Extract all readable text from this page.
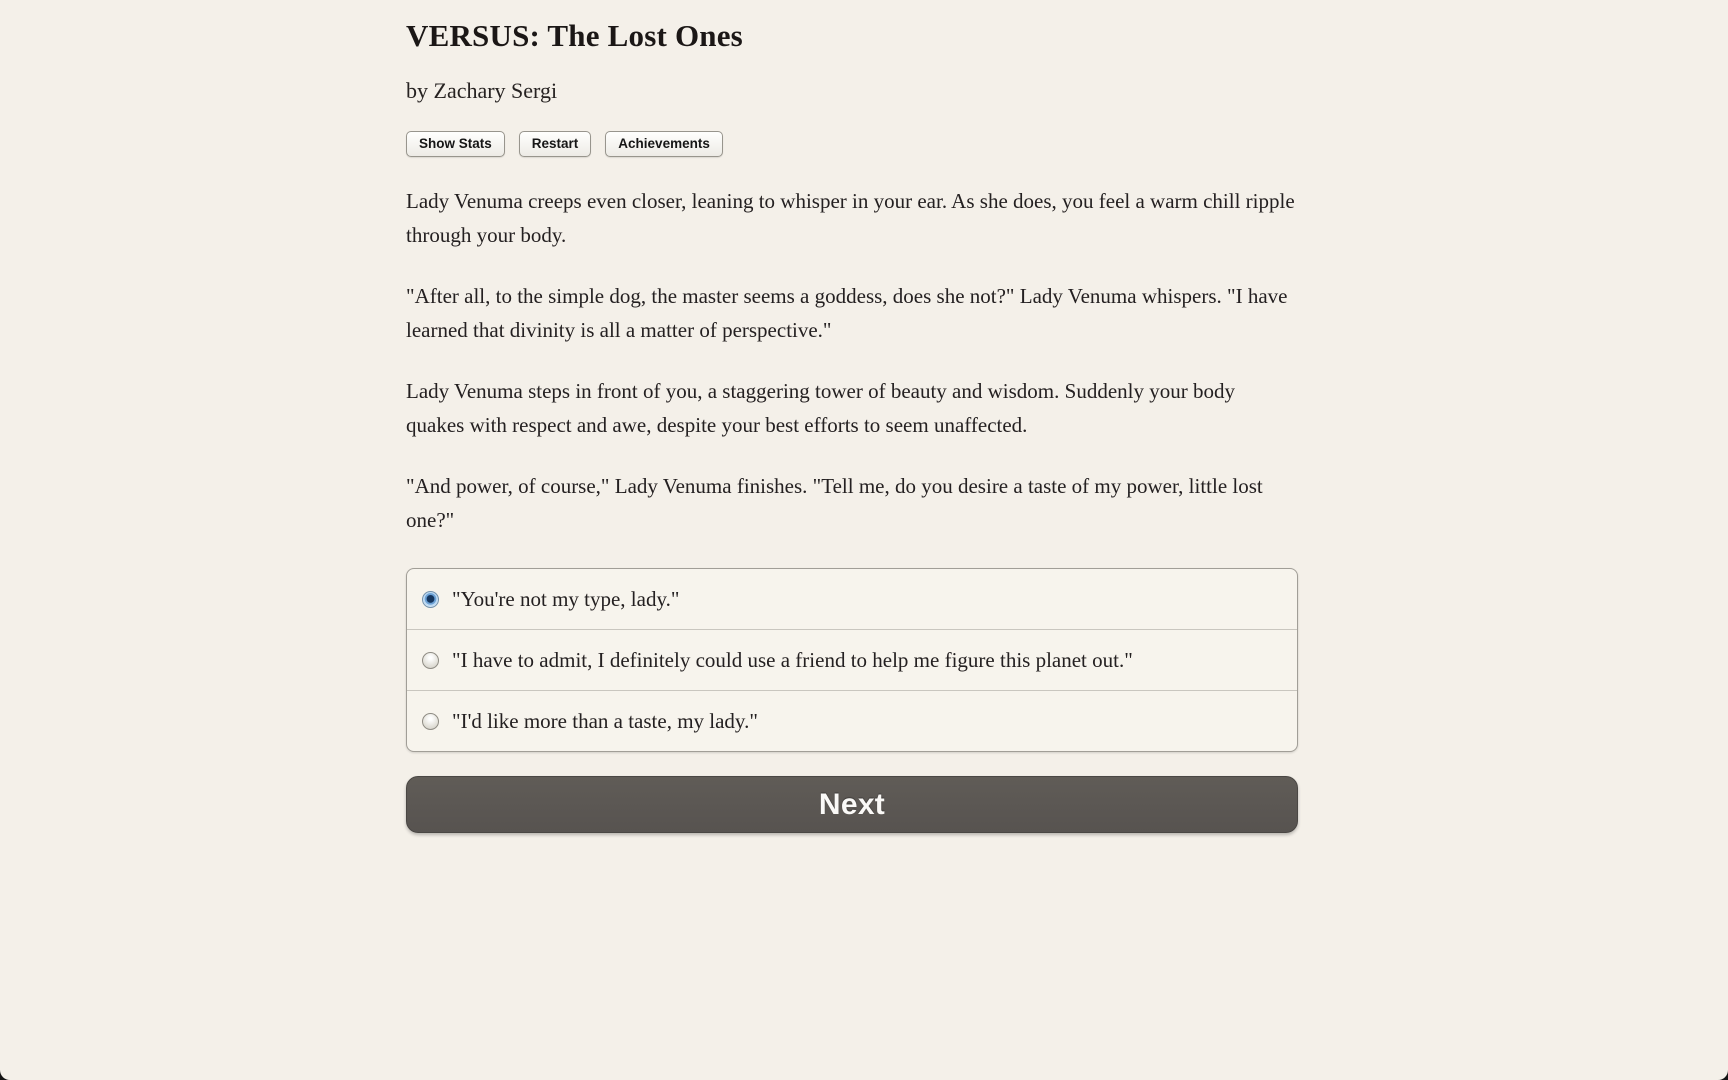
VERSUS: The Lost Ones
by Zachary Sergi
Show Stats	Restart	Achievements

Lady Venuma creeps even closer, leaning to whisper in your ear. As she does, you feel a warm chill ripple through your body.

"After all, to the simple dog, the master seems a goddess, does she not?" Lady Venuma whispers. "I have learned that divinity is all a matter of perspective."

Lady Venuma steps in front of you, a staggering tower of beauty and wisdom. Suddenly your body quakes with respect and awe, despite your best efforts to seem unaffected.

"And power, of course," Lady Venuma finishes. "Tell me, do you desire a taste of my power, little lost one?"

"You're not my type, lady."
"I have to admit, I definitely could use a friend to help me figure this planet out."
"I'd like more than a taste, my lady."
Next
